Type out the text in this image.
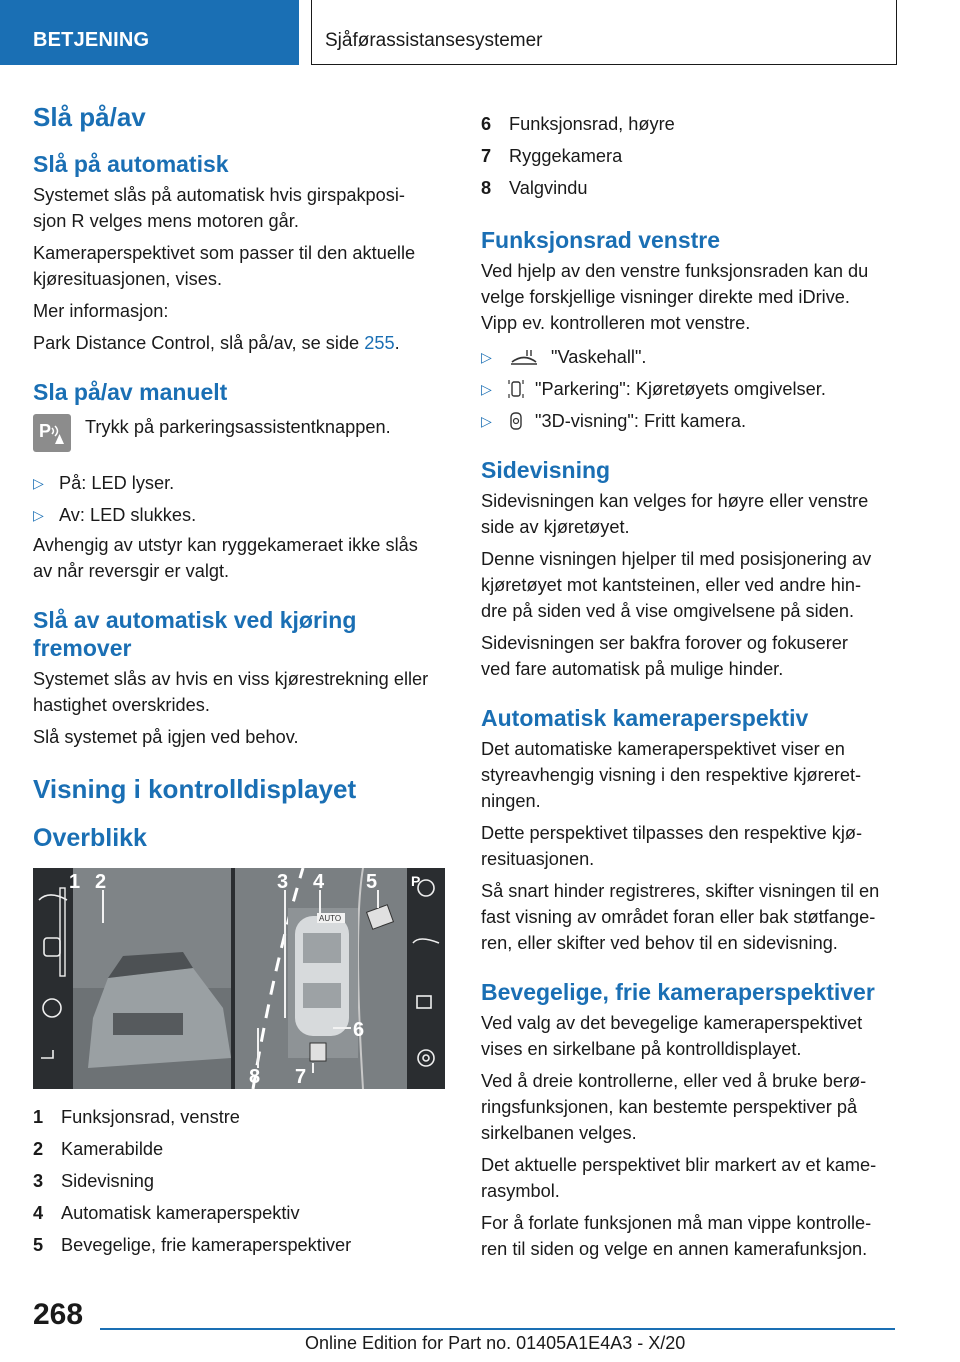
BETJENING	Sjåførassistansesystemer
Slå på/av
Slå på automatisk

Systemet slås på automatisk hvis girspakposi-
sjon R velges mens motoren går.

Kameraperspektivet som passer til den aktuelle
kjøresituasjonen, vises.

Mer informasjon:

Park Distance Control, slå på/av, se side 255.

Sla på/av manuelt
P Trykk på parkeringsassistentknappen.

▷ På: LED lyser.
▷ Av: LED slukkes.

Avhengig av utstyr kan ryggekameraet ikke slås
av når reversgir er valgt.

Slå av automatisk ved kjøring
fremover

Systemet slås av hvis en viss kjørestrekning eller
hastighet overskrides.

Slå systemet på igjen ved behov.

Visning i kontrolldisplayet
Overblikk
P
AUTO
1 2	3 4 5
6
7
8
1 Funksjonsrad, venstre
2 Kamerabilde
3 Sidevisning
4 Automatisk kameraperspektiv
5 Bevegelige, frie kameraperspektiver
6 Funksjonsrad, høyre
7 Ryggekamera
8 Valgvindu
Funksjonsrad venstre

Ved hjelp av den venstre funksjonsraden kan du
velge forskjellige visninger direkte med iDrive.
Vipp ev. kontrolleren mot venstre.

▷	"Vaskehall".
▷	"Parkering": Kjøretøyets omgivelser.
▷	"3D-visning": Fritt kamera.
Sidevisning

Sidevisningen kan velges for høyre eller venstre
side av kjøretøyet.

Denne visningen hjelper til med posisjonering av
kjøretøyet mot kantsteinen, eller ved andre hin-
dre på siden ved å vise omgivelsene på siden.

Sidevisningen ser bakfra forover og fokuserer
ved fare automatisk på mulige hinder.

Automatisk kameraperspektiv

Det automatiske kameraperspektivet viser en
styreavhengig visning i den respektive kjøreret-
ningen.

Dette perspektivet tilpasses den respektive kjø-
resituasjonen.

Så snart hinder registreres, skifter visningen til en
fast visning av området foran eller bak støtfange-
ren, eller skifter ved behov til en sidevisning.

Bevegelige, frie kameraperspektiver

Ved valg av det bevegelige kameraperspektivet
vises en sirkelbane på kontrolldisplayet.

Ved å dreie kontrollerne, eller ved å bruke berø-
ringsfunksjonen, kan bestemte perspektiver på
sirkelbanen velges.

Det aktuelle perspektivet blir markert av et kame-
rasymbol.

For å forlate funksjonen må man vippe kontrolle-
ren til siden og velge en annen kamerafunksjon.

268
Online Edition for Part no. 01405A1E4A3 - X/20
